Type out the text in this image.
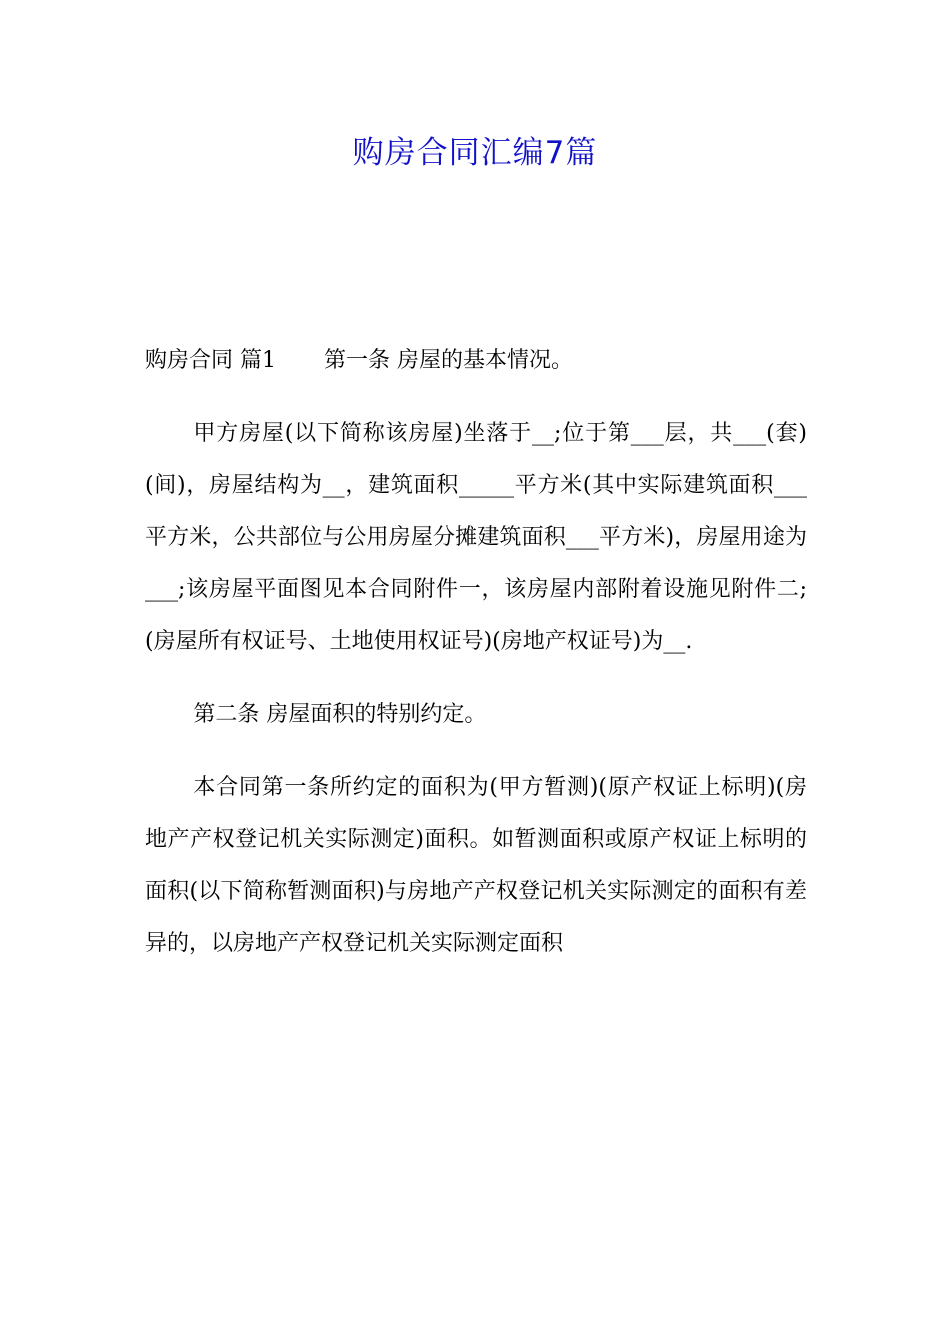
购房合同汇编7篇

购房合同 篇1 第一条 房屋的基本情况。

甲方房屋(以下简称该房屋)坐落于__;位于第___层，共___(套)(间)，房屋结构为__，建筑面积_____平方米(其中实际建筑面积___平方米，公共部位与公用房屋分摊建筑面积___平方米)，房屋用途为___;该房屋平面图见本合同附件一，该房屋内部附着设施见附件二;(房屋所有权证号、土地使用权证号)(房地产权证号)为__.

第二条 房屋面积的特别约定。

本合同第一条所约定的面积为(甲方暂测)(原产权证上标明)(房地产产权登记机关实际测定)面积。如暂测面积或原产权证上标明的面积(以下简称暂测面积)与房地产产权登记机关实际测定的面积有差异的，以房地产产权登记机关实际测定面积
